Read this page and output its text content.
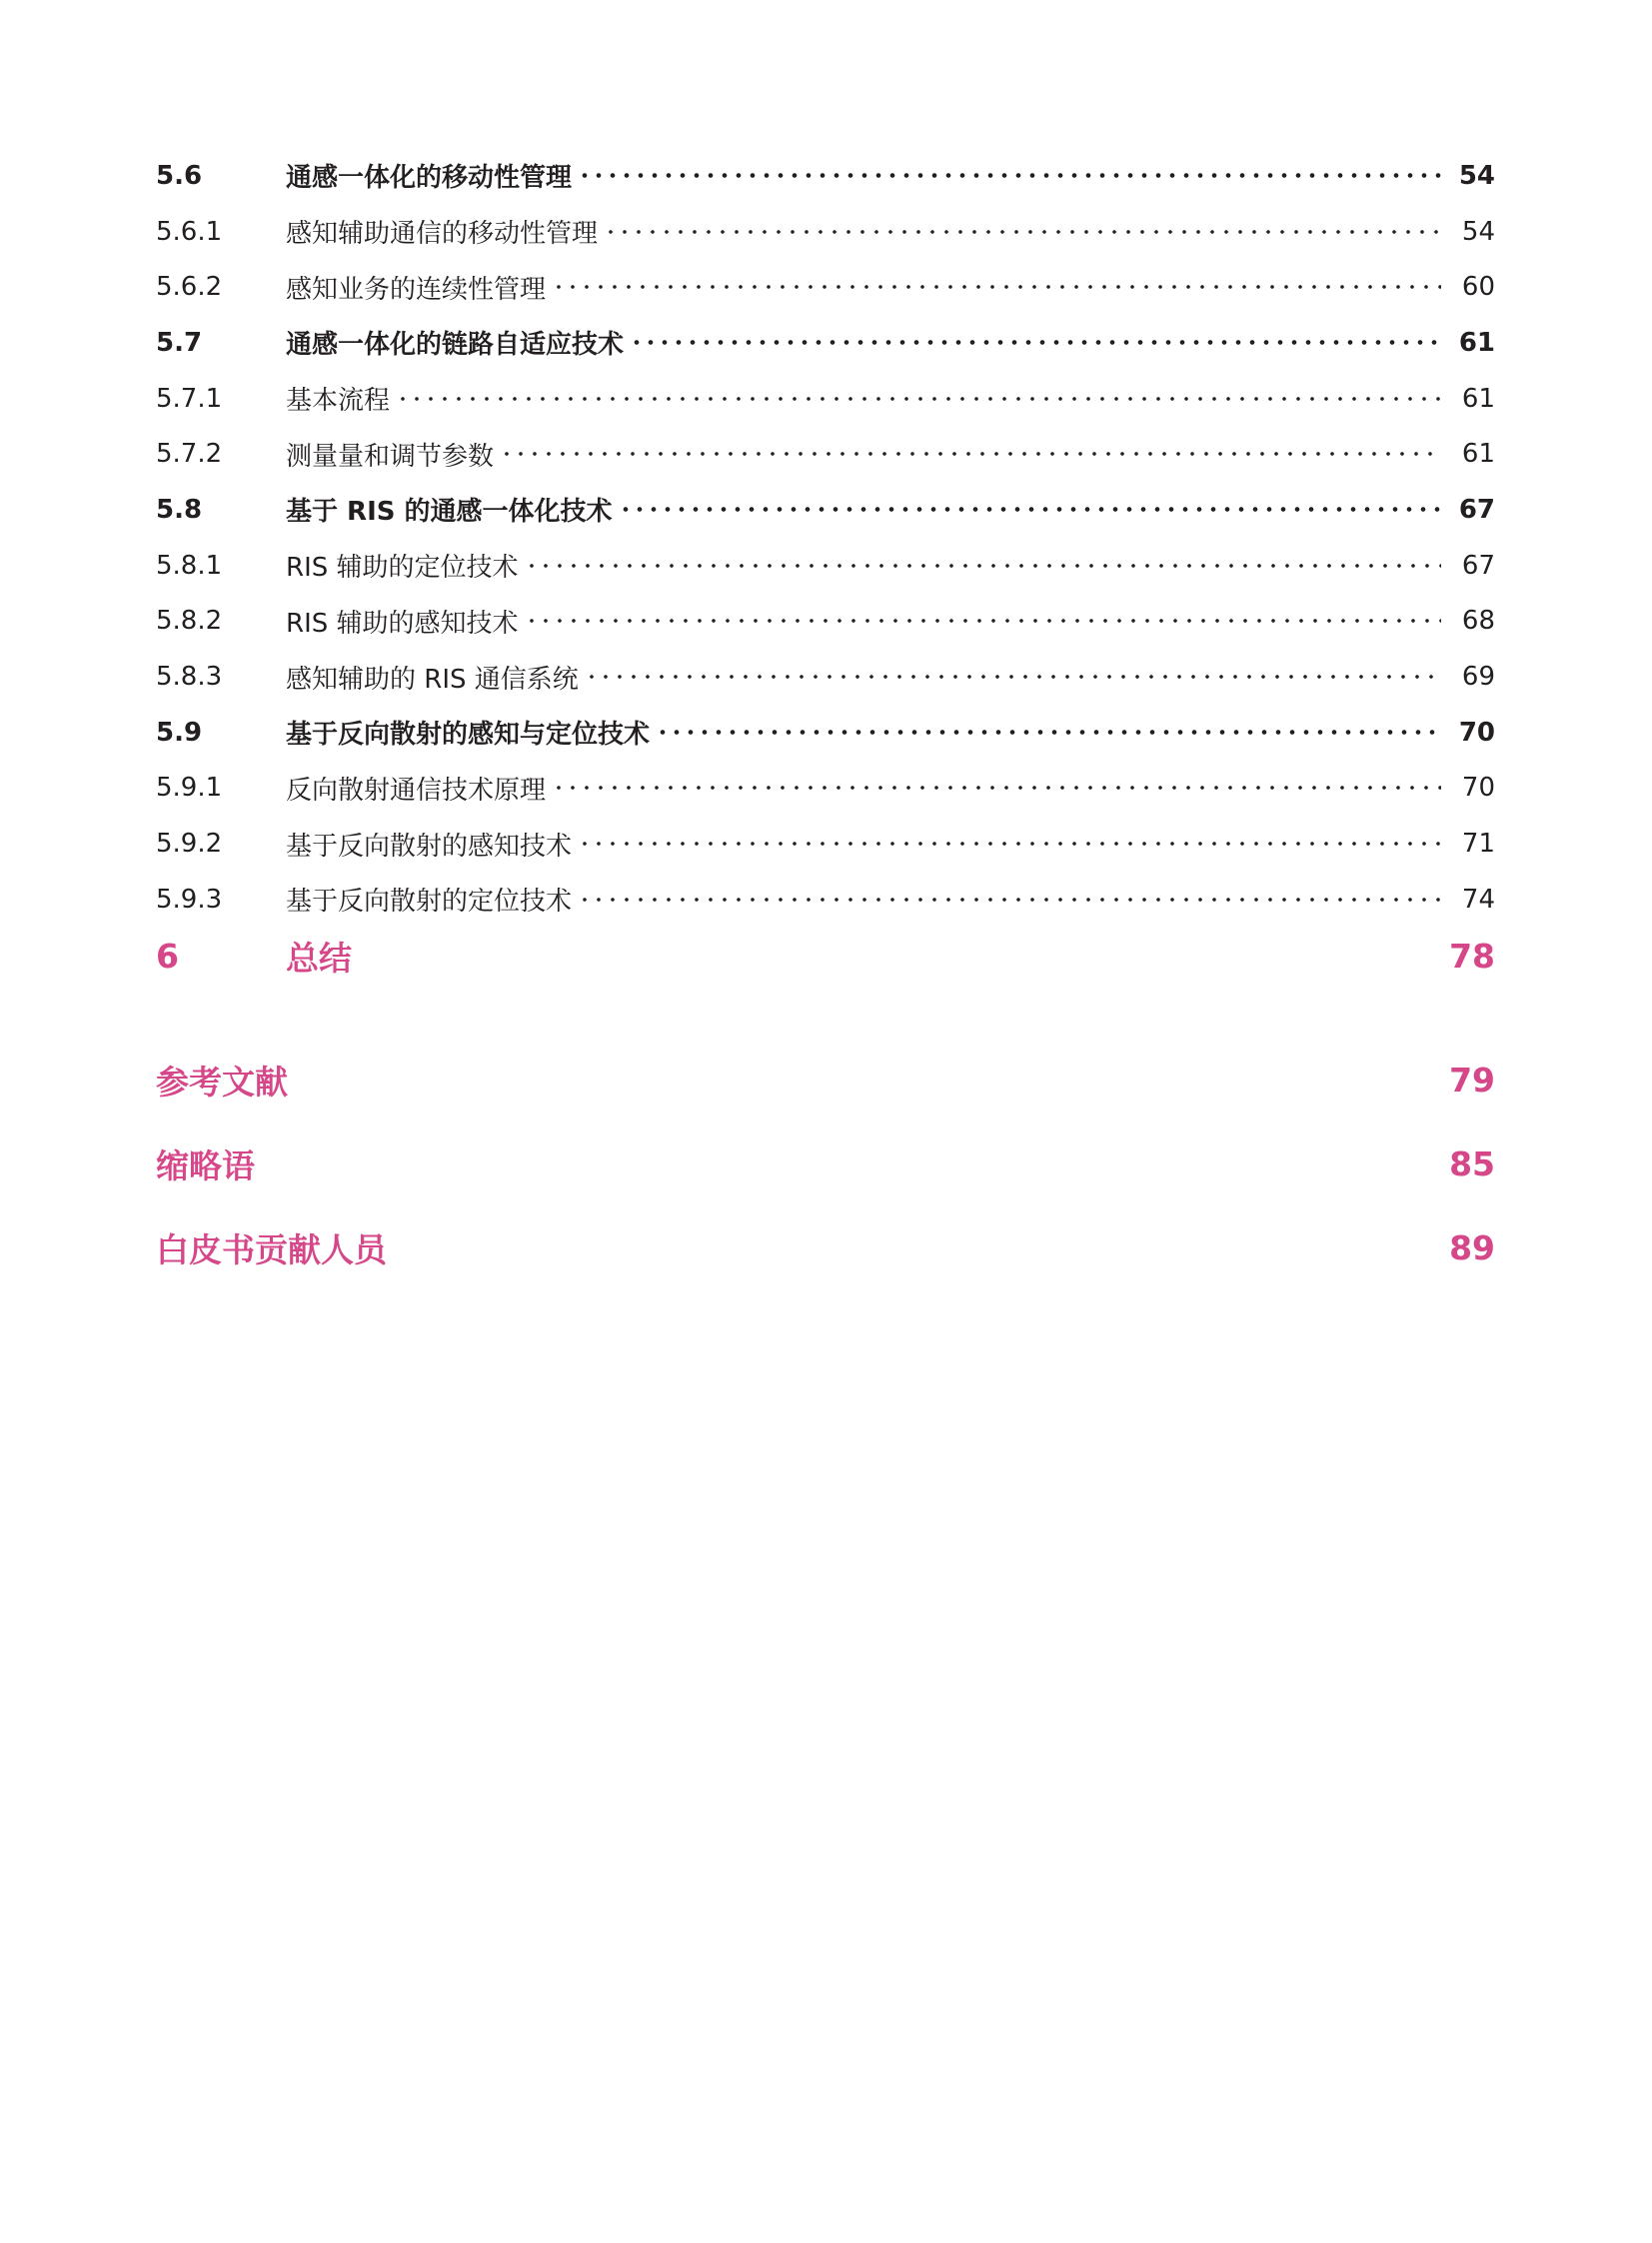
5.6	通感一体化的移动性管理	54
5.6.1	感知辅助通信的移动性管理	54
5.6.2	感知业务的连续性管理	60
5.7	通感一体化的链路自适应技术	61
5.7.1	基本流程	61
5.7.2	测量量和调节参数	61
5.8	基于 RIS 的通感一体化技术	67
5.8.1	RIS 辅助的定位技术	67
5.8.2	RIS 辅助的感知技术	68
5.8.3	感知辅助的 RIS 通信系统	69
5.9	基于反向散射的感知与定位技术	70
5.9.1	反向散射通信技术原理	70
5.9.2	基于反向散射的感知技术	71
5.9.3	基于反向散射的定位技术	74
6	总结	78
参考文献	79
缩略语	85
白皮书贡献人员	89
